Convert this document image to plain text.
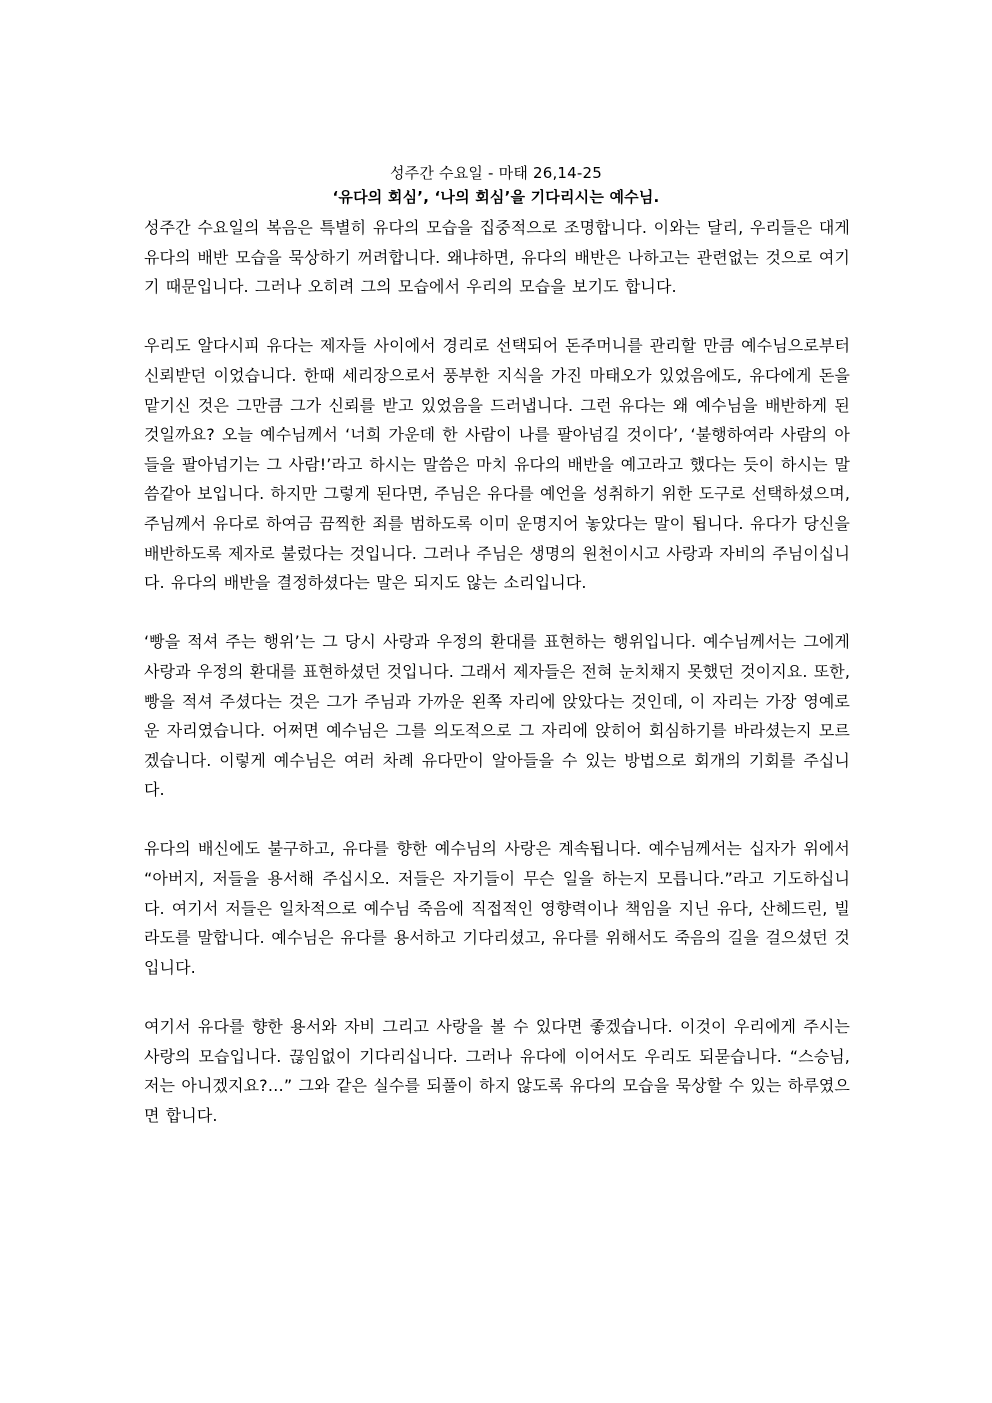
성주간 수요일 - 마태 26,14-25
‘유다의 회심’, ‘나의 회심’을 기다리시는 예수님.

성주간 수요일의 복음은 특별히 유다의 모습을 집중적으로 조명합니다. 이와는 달리, 우리들은 대게 유다의 배반 모습을 묵상하기 꺼려합니다. 왜냐하면, 유다의 배반은 나하고는 관련없는 것으로 여기기 때문입니다. 그러나 오히려 그의 모습에서 우리의 모습을 보기도 합니다.

우리도 알다시피 유다는 제자들 사이에서 경리로 선택되어 돈주머니를 관리할 만큼 예수님으로부터 신뢰받던 이었습니다. 한때 세리장으로서 풍부한 지식을 가진 마태오가 있었음에도, 유다에게 돈을 맡기신 것은 그만큼 그가 신뢰를 받고 있었음을 드러냅니다. 그런 유다는 왜 예수님을 배반하게 된 것일까요? 오늘 예수님께서 ‘너희 가운데 한 사람이 나를 팔아넘길 것이다’, ‘불행하여라 사람의 아들을 팔아넘기는 그 사람!’라고 하시는 말씀은 마치 유다의 배반을 예고라고 했다는 듯이 하시는 말씀같아 보입니다. 하지만 그렇게 된다면, 주님은 유다를 예언을 성취하기 위한 도구로 선택하셨으며, 주님께서 유다로 하여금 끔찍한 죄를 범하도록 이미 운명지어 놓았다는 말이 됩니다. 유다가 당신을 배반하도록 제자로 불렀다는 것입니다. 그러나 주님은 생명의 원천이시고 사랑과 자비의 주님이십니다. 유다의 배반을 결정하셨다는 말은 되지도 않는 소리입니다.

‘빵을 적셔 주는 행위’는 그 당시 사랑과 우정의 환대를 표현하는 행위입니다. 예수님께서는 그에게 사랑과 우정의 환대를 표현하셨던 것입니다. 그래서 제자들은 전혀 눈치채지 못했던 것이지요. 또한, 빵을 적셔 주셨다는 것은 그가 주님과 가까운 왼쪽 자리에 앉았다는 것인데, 이 자리는 가장 영예로운 자리였습니다. 어쩌면 예수님은 그를 의도적으로 그 자리에 앉히어 회심하기를 바라셨는지 모르겠습니다. 이렇게 예수님은 여러 차례 유다만이 알아들을 수 있는 방법으로 회개의 기회를 주십니다.

유다의 배신에도 불구하고, 유다를 향한 예수님의 사랑은 계속됩니다. 예수님께서는 십자가 위에서 “아버지, 저들을 용서해 주십시오. 저들은 자기들이 무슨 일을 하는지 모릅니다.”라고 기도하십니다. 여기서 저들은 일차적으로 예수님 죽음에 직접적인 영향력이나 책임을 지닌 유다, 산헤드린, 빌라도를 말합니다. 예수님은 유다를 용서하고 기다리셨고, 유다를 위해서도 죽음의 길을 걸으셨던 것입니다.

여기서 유다를 향한 용서와 자비 그리고 사랑을 볼 수 있다면 좋겠습니다. 이것이 우리에게 주시는 사랑의 모습입니다. 끊임없이 기다리십니다. 그러나 유다에 이어서도 우리도 되묻습니다. “스승님, 저는 아니겠지요?…” 그와 같은 실수를 되풀이 하지 않도록 유다의 모습을 묵상할 수 있는 하루였으면 합니다.
